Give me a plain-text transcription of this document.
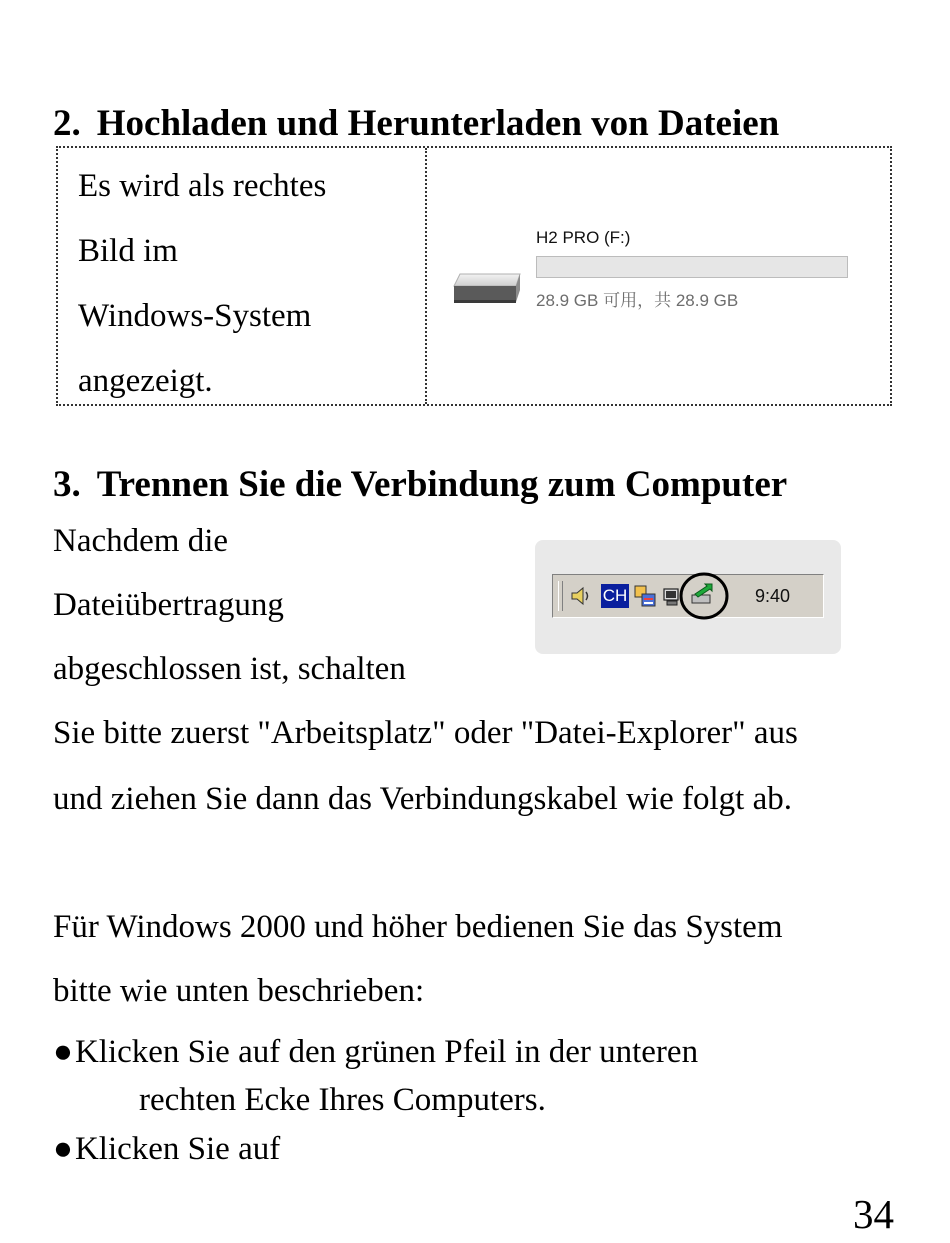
2. Hochladen und Herunterladen von Dateien
Es wird als rechtes
Bild im
Windows-System
angezeigt.
H2 PRO (F:)
28.9 GB 可用，共 28.9 GB
3. Trennen Sie die Verbindung zum Computer
Nachdem die
Dateiübertragung
abgeschlossen ist, schalten
Sie bitte zuerst "Arbeitsplatz" oder "Datei-Explorer" aus
und ziehen Sie dann das Verbindungskabel wie folgt ab.
CH	9:40
Für Windows 2000 und höher bedienen Sie das System
bitte wie unten beschrieben:
●Klicken Sie auf den grünen Pfeil in der unteren
rechten Ecke Ihres Computers.
●Klicken Sie auf
34
